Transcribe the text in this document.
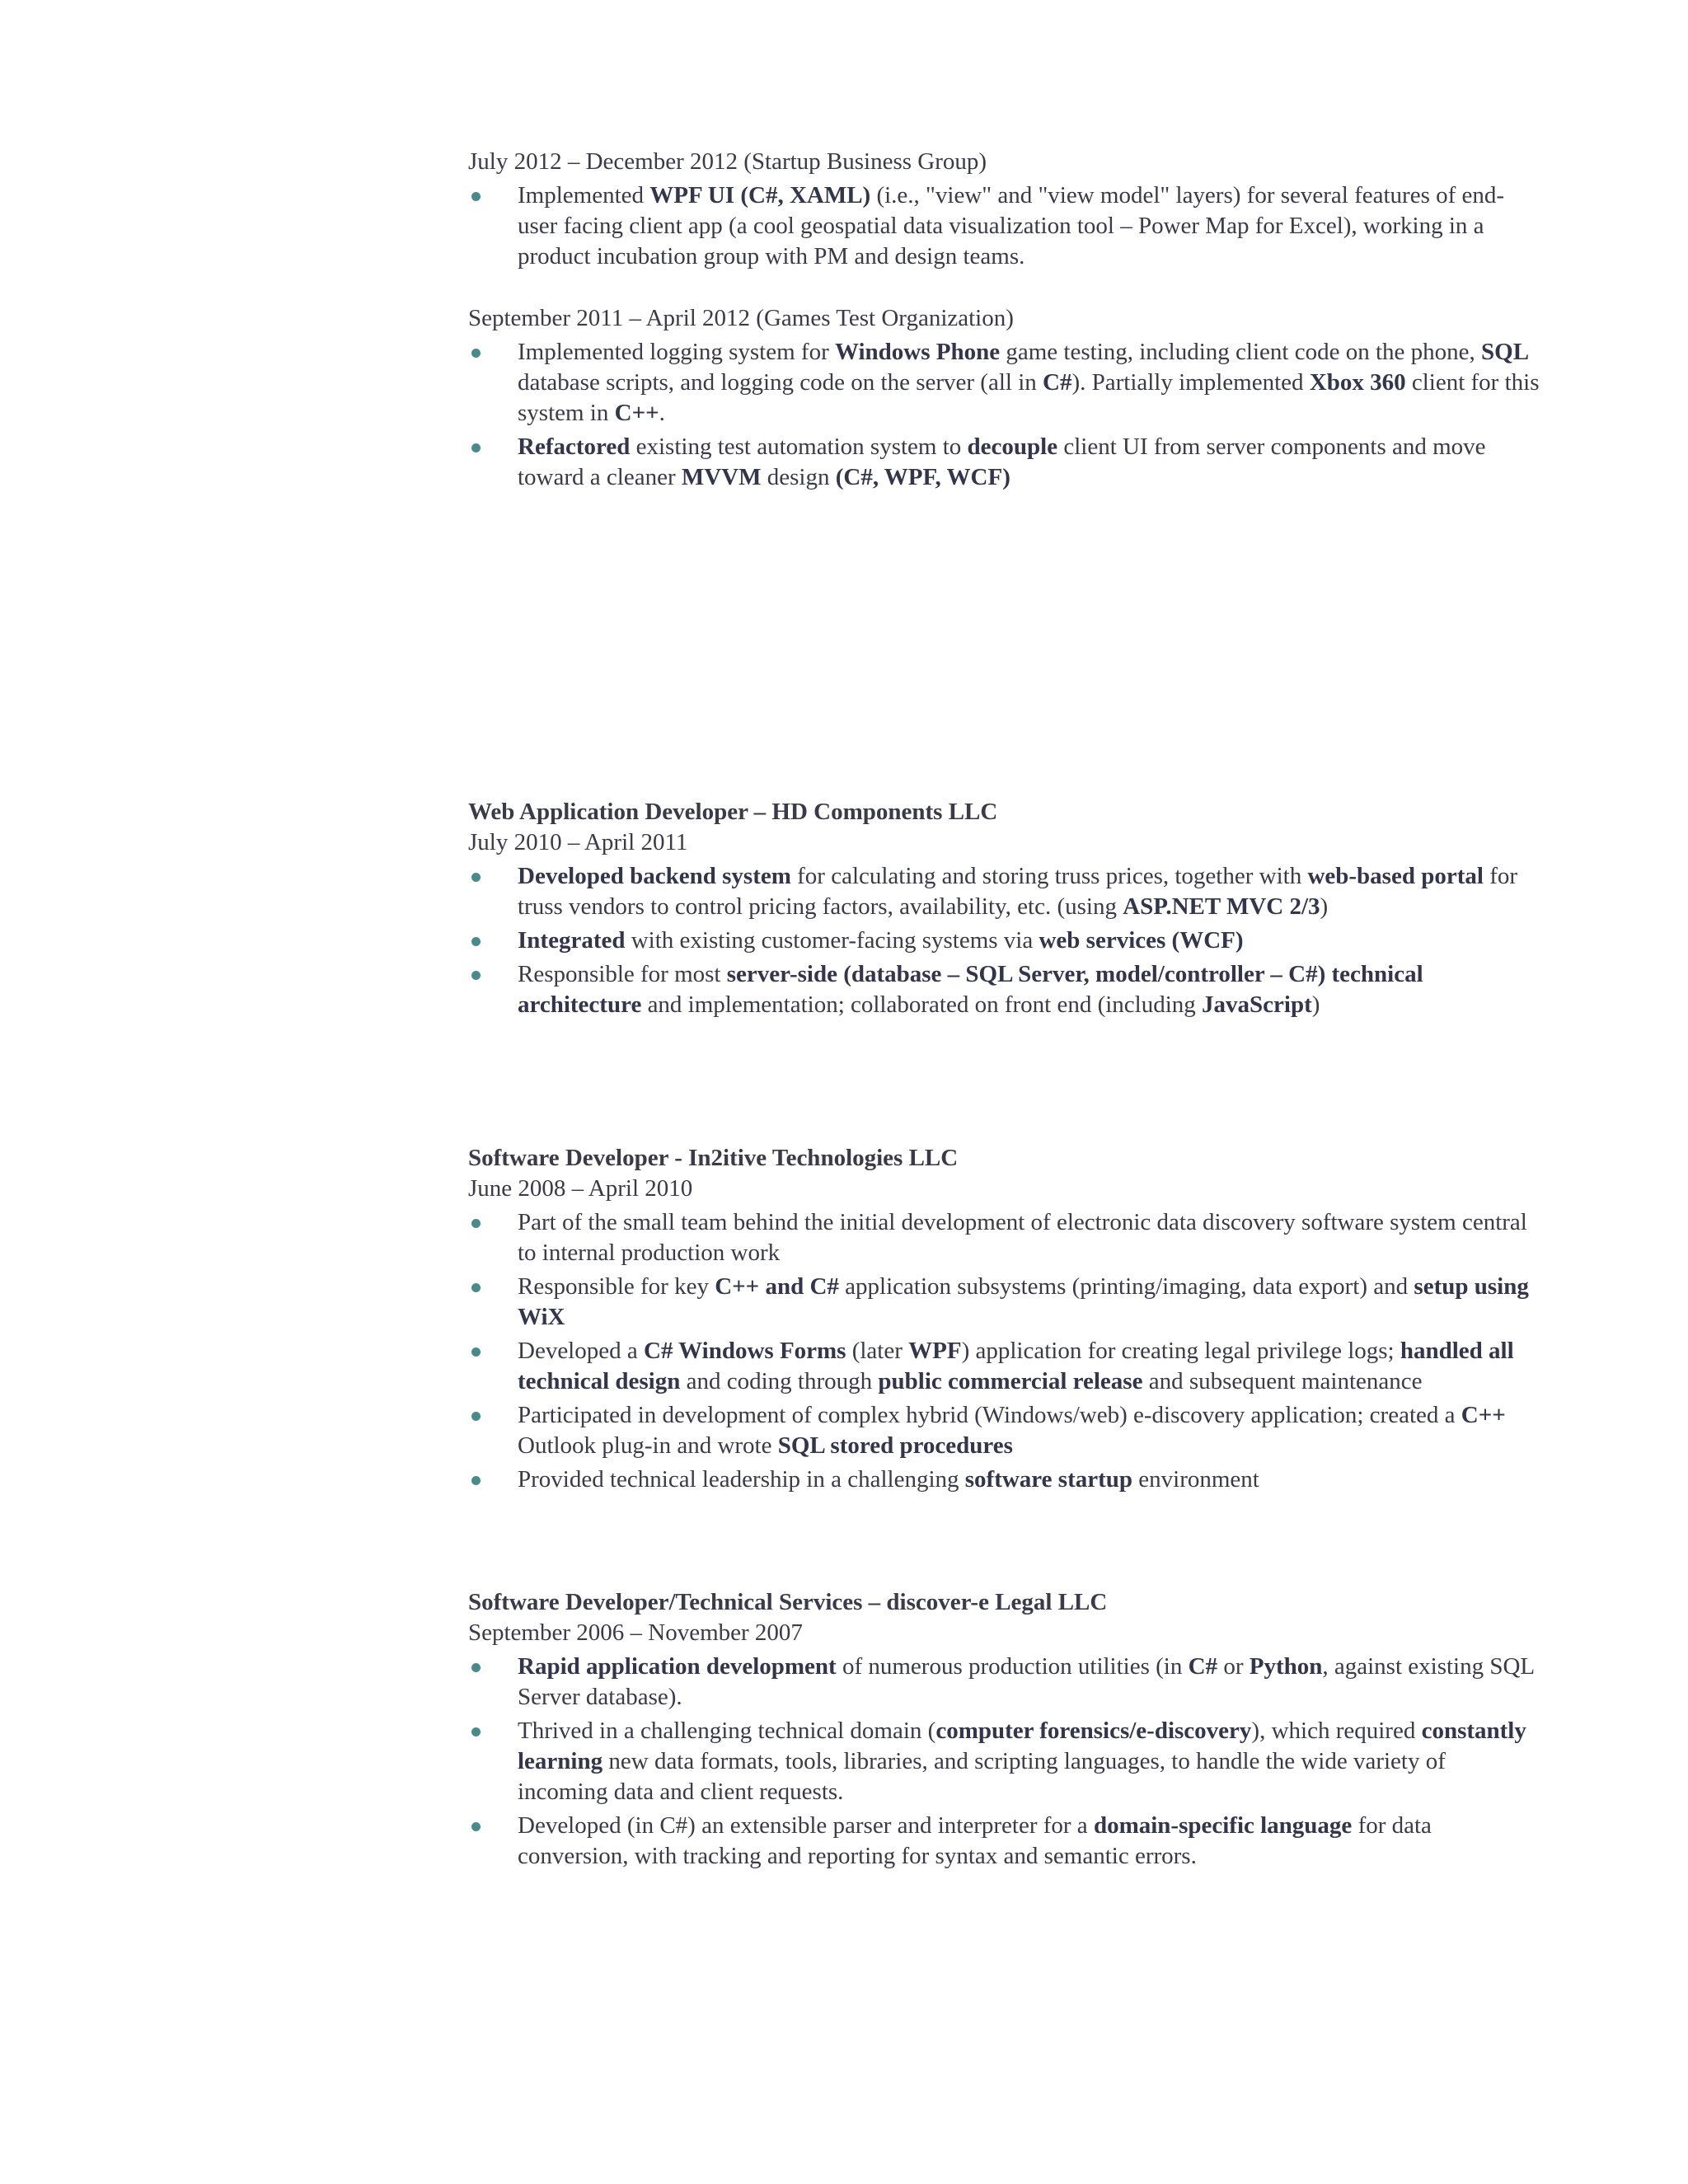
July 2012 – December 2012 (Startup Business Group)
Implemented WPF UI (C#, XAML) (i.e., "view" and "view model" layers) for several features of end-user facing client app (a cool geospatial data visualization tool – Power Map for Excel), working in a product incubation group with PM and design teams.
September 2011 – April 2012 (Games Test Organization)
Implemented logging system for Windows Phone game testing, including client code on the phone, SQL database scripts, and logging code on the server (all in C#). Partially implemented Xbox 360 client for this system in C++.
Refactored existing test automation system to decouple client UI from server components and move toward a cleaner MVVM design (C#, WPF, WCF)
Web Application Developer – HD Components LLC
July 2010 – April 2011
Developed backend system for calculating and storing truss prices, together with web-based portal for truss vendors to control pricing factors, availability, etc. (using ASP.NET MVC 2/3)
Integrated with existing customer-facing systems via web services (WCF)
Responsible for most server-side (database – SQL Server, model/controller – C#) technical architecture and implementation; collaborated on front end (including JavaScript)
Software Developer - In2itive Technologies LLC
June 2008 – April 2010
Part of the small team behind the initial development of electronic data discovery software system central to internal production work
Responsible for key C++ and C# application subsystems (printing/imaging, data export) and setup using WiX
Developed a C# Windows Forms (later WPF) application for creating legal privilege logs; handled all technical design and coding through public commercial release and subsequent maintenance
Participated in development of complex hybrid (Windows/web) e-discovery application; created a C++ Outlook plug-in and wrote SQL stored procedures
Provided technical leadership in a challenging software startup environment
Software Developer/Technical Services – discover-e Legal LLC
September 2006 – November 2007
Rapid application development of numerous production utilities (in C# or Python, against existing SQL Server database).
Thrived in a challenging technical domain (computer forensics/e-discovery), which required constantly learning new data formats, tools, libraries, and scripting languages, to handle the wide variety of incoming data and client requests.
Developed (in C#) an extensible parser and interpreter for a domain-specific language for data conversion, with tracking and reporting for syntax and semantic errors.
